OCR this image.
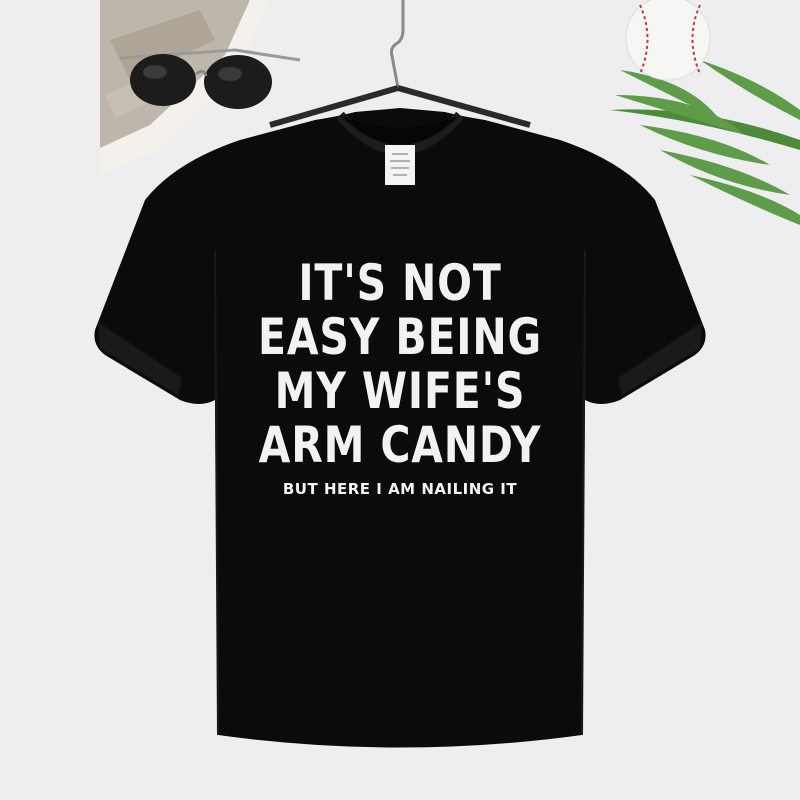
IT'S NOT
EASY BEING
MY WIFE'S
ARM CANDY
BUT HERE I AM NAILING IT
